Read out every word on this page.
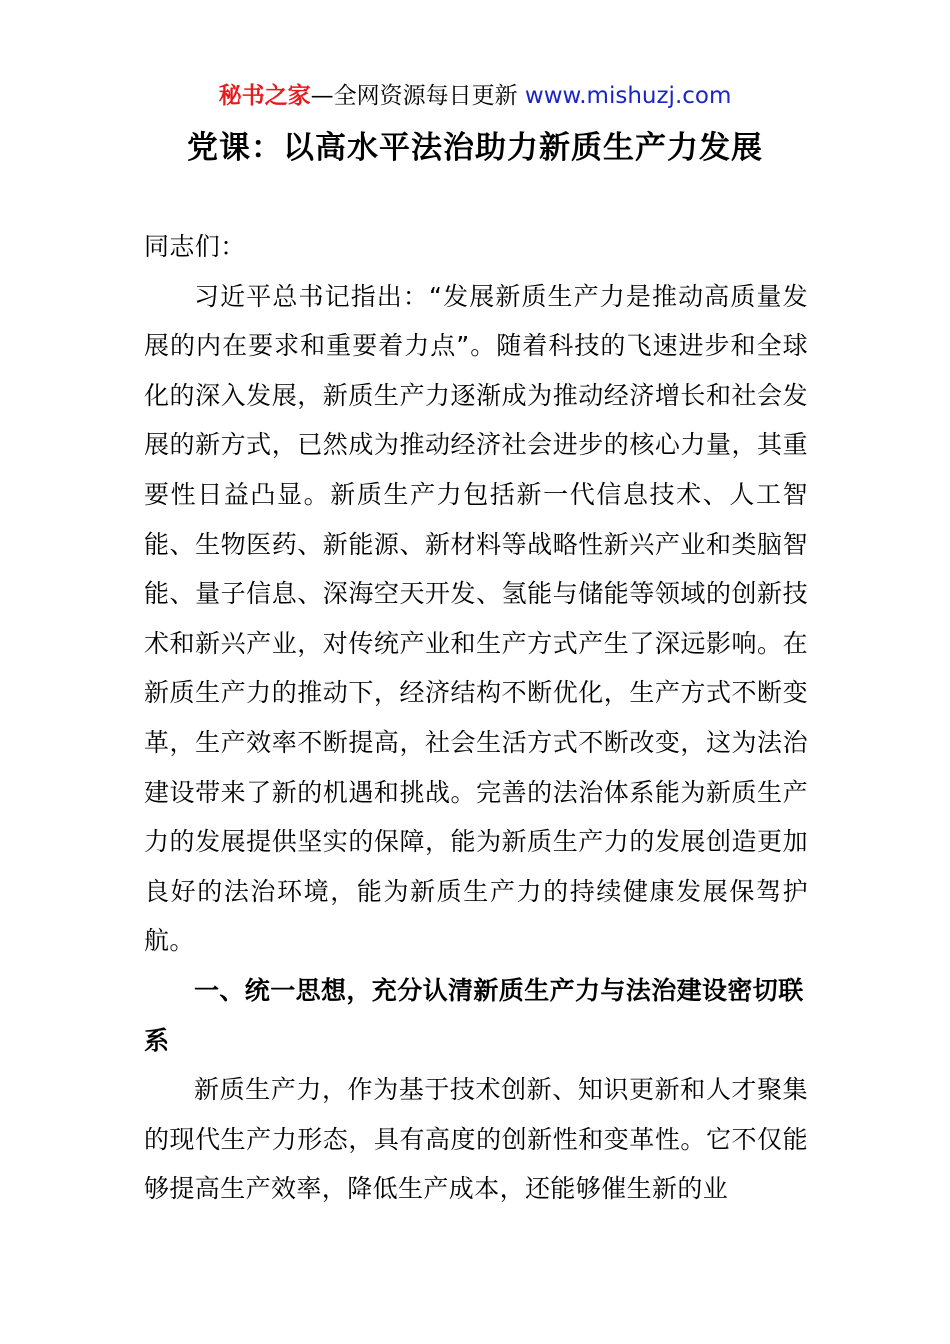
秘书之家—全网资源每日更新 www.mishuzj.com
党课：以高水平法治助力新质生产力发展

同志们：

习近平总书记指出：“发展新质生产力是推动高质量发展的内在要求和重要着力点”。随着科技的飞速进步和全球化的深入发展，新质生产力逐渐成为推动经济增长和社会发展的新方式，已然成为推动经济社会进步的核心力量，其重要性日益凸显。新质生产力包括新一代信息技术、人工智能、生物医药、新能源、新材料等战略性新兴产业和类脑智能、量子信息、深海空天开发、氢能与储能等领域的创新技术和新兴产业，对传统产业和生产方式产生了深远影响。在新质生产力的推动下，经济结构不断优化，生产方式不断变革，生产效率不断提高，社会生活方式不断改变，这为法治建设带来了新的机遇和挑战。完善的法治体系能为新质生产力的发展提供坚实的保障，能为新质生产力的发展创造更加良好的法治环境，能为新质生产力的持续健康发展保驾护航。

一、统一思想，充分认清新质生产力与法治建设密切联系

新质生产力，作为基于技术创新、知识更新和人才聚集的现代生产力形态，具有高度的创新性和变革性。它不仅能够提高生产效率，降低生产成本，还能够催生新的业
